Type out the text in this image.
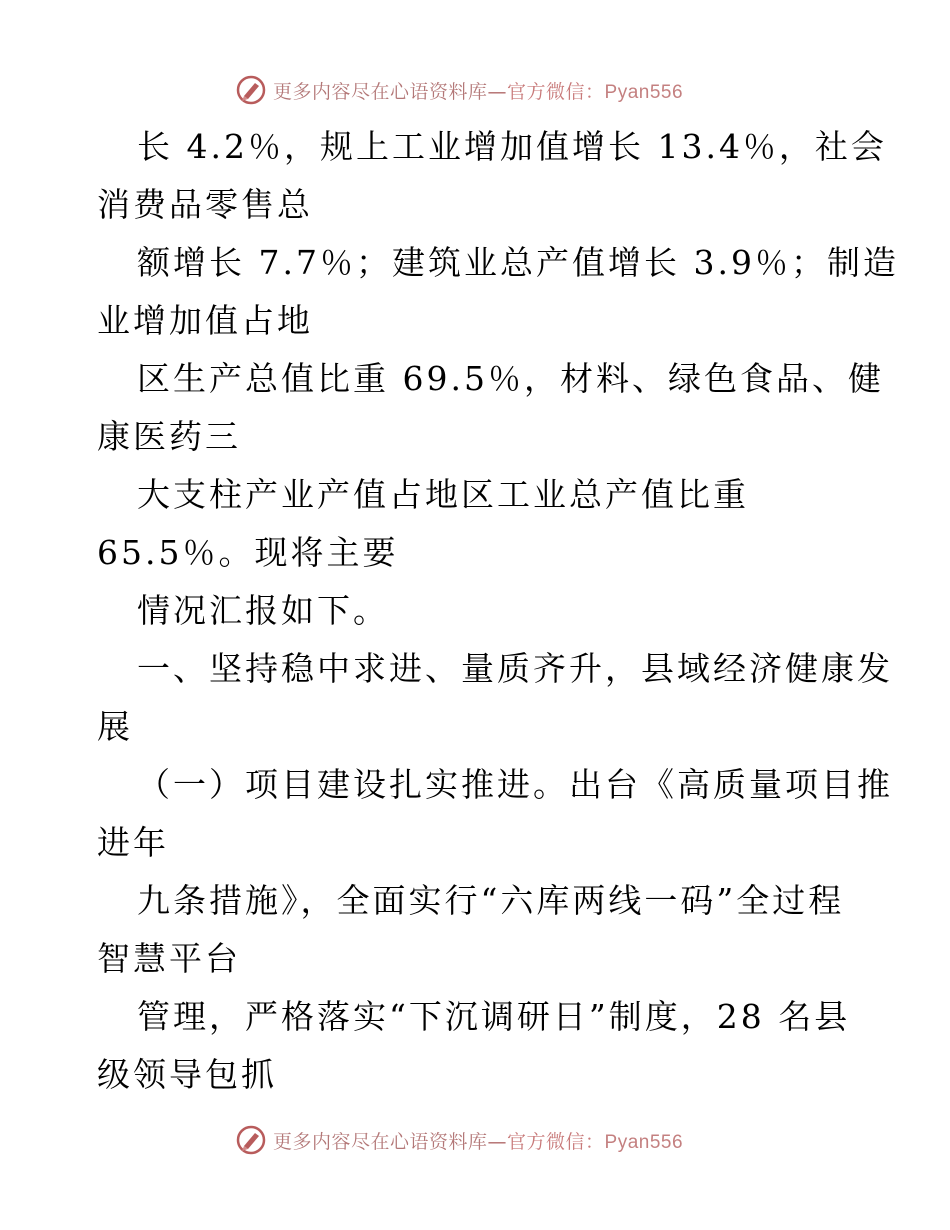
更多内容尽在心语资料库—官方微信：Pyan556
长 4.2％，规上工业增加值增长 13.4％，社会
消费品零售总
额增长 7.7％；建筑业总产值增长 3.9％；制造
业增加值占地
区生产总值比重 69.5％，材料、绿色食品、健
康医药三
大支柱产业产值占地区工业总产值比重
65.5％。现将主要
情况汇报如下。
一、坚持稳中求进、量质齐升，县域经济健康发
展
（一）项目建设扎实推进。出台《高质量项目推
进年
九条措施》，全面实行“六库两线一码”全过程
智慧平台
管理，严格落实“下沉调研日”制度，28 名县
级领导包抓
更多内容尽在心语资料库—官方微信：Pyan556
